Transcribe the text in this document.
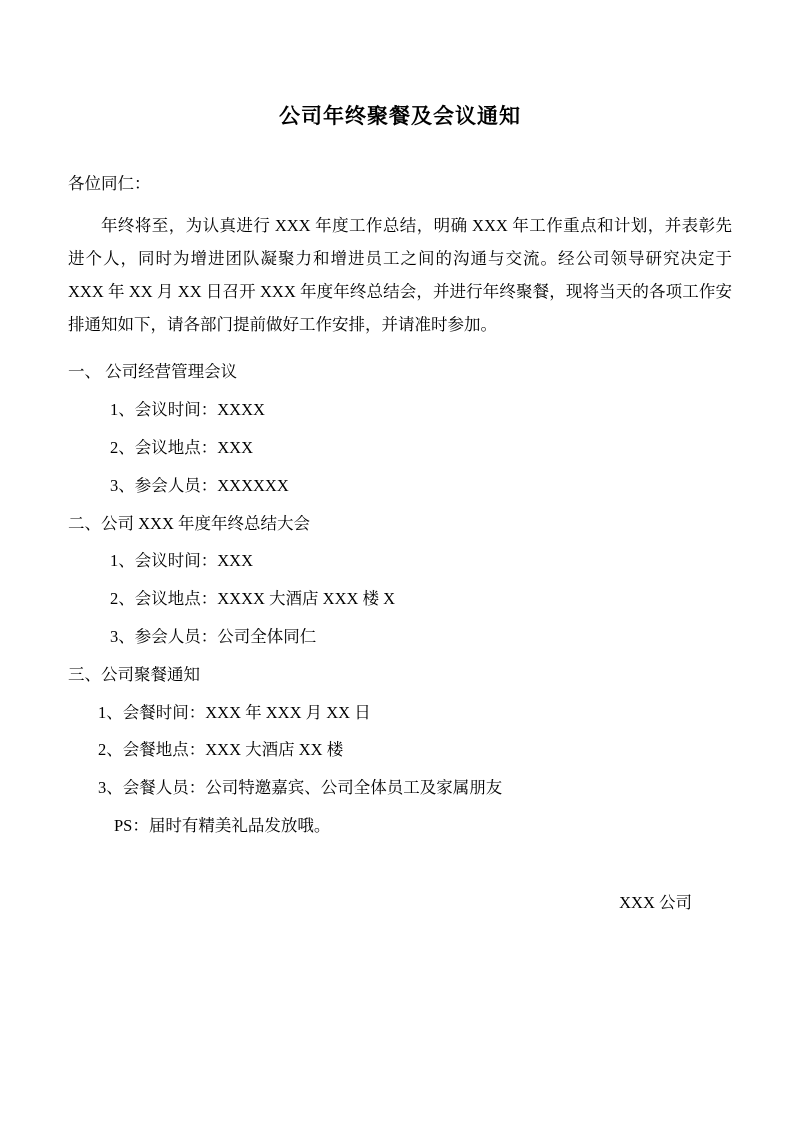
公司年终聚餐及会议通知
各位同仁：

年终将至，为认真进行 XXX 年度工作总结，明确 XXX 年工作重点和计划，并表彰先进个人，同时为增进团队凝聚力和增进员工之间的沟通与交流。经公司领导研究决定于 XXX 年 XX 月 XX 日召开 XXX 年度年终总结会，并进行年终聚餐，现将当天的各项工作安排通知如下，请各部门提前做好工作安排，并请准时参加。

一、 公司经营管理会议
1、会议时间：XXXX
2、会议地点：XXX
3、参会人员：XXXXXX
二、公司 XXX 年度年终总结大会
1、会议时间：XXX
2、会议地点：XXXX 大酒店 XXX 楼 X
3、参会人员：公司全体同仁
三、公司聚餐通知
1、会餐时间：XXX 年 XXX 月 XX 日
2、会餐地点：XXX 大酒店 XX 楼
3、会餐人员：公司特邀嘉宾、公司全体员工及家属朋友
PS：届时有精美礼品发放哦。
XXX 公司
